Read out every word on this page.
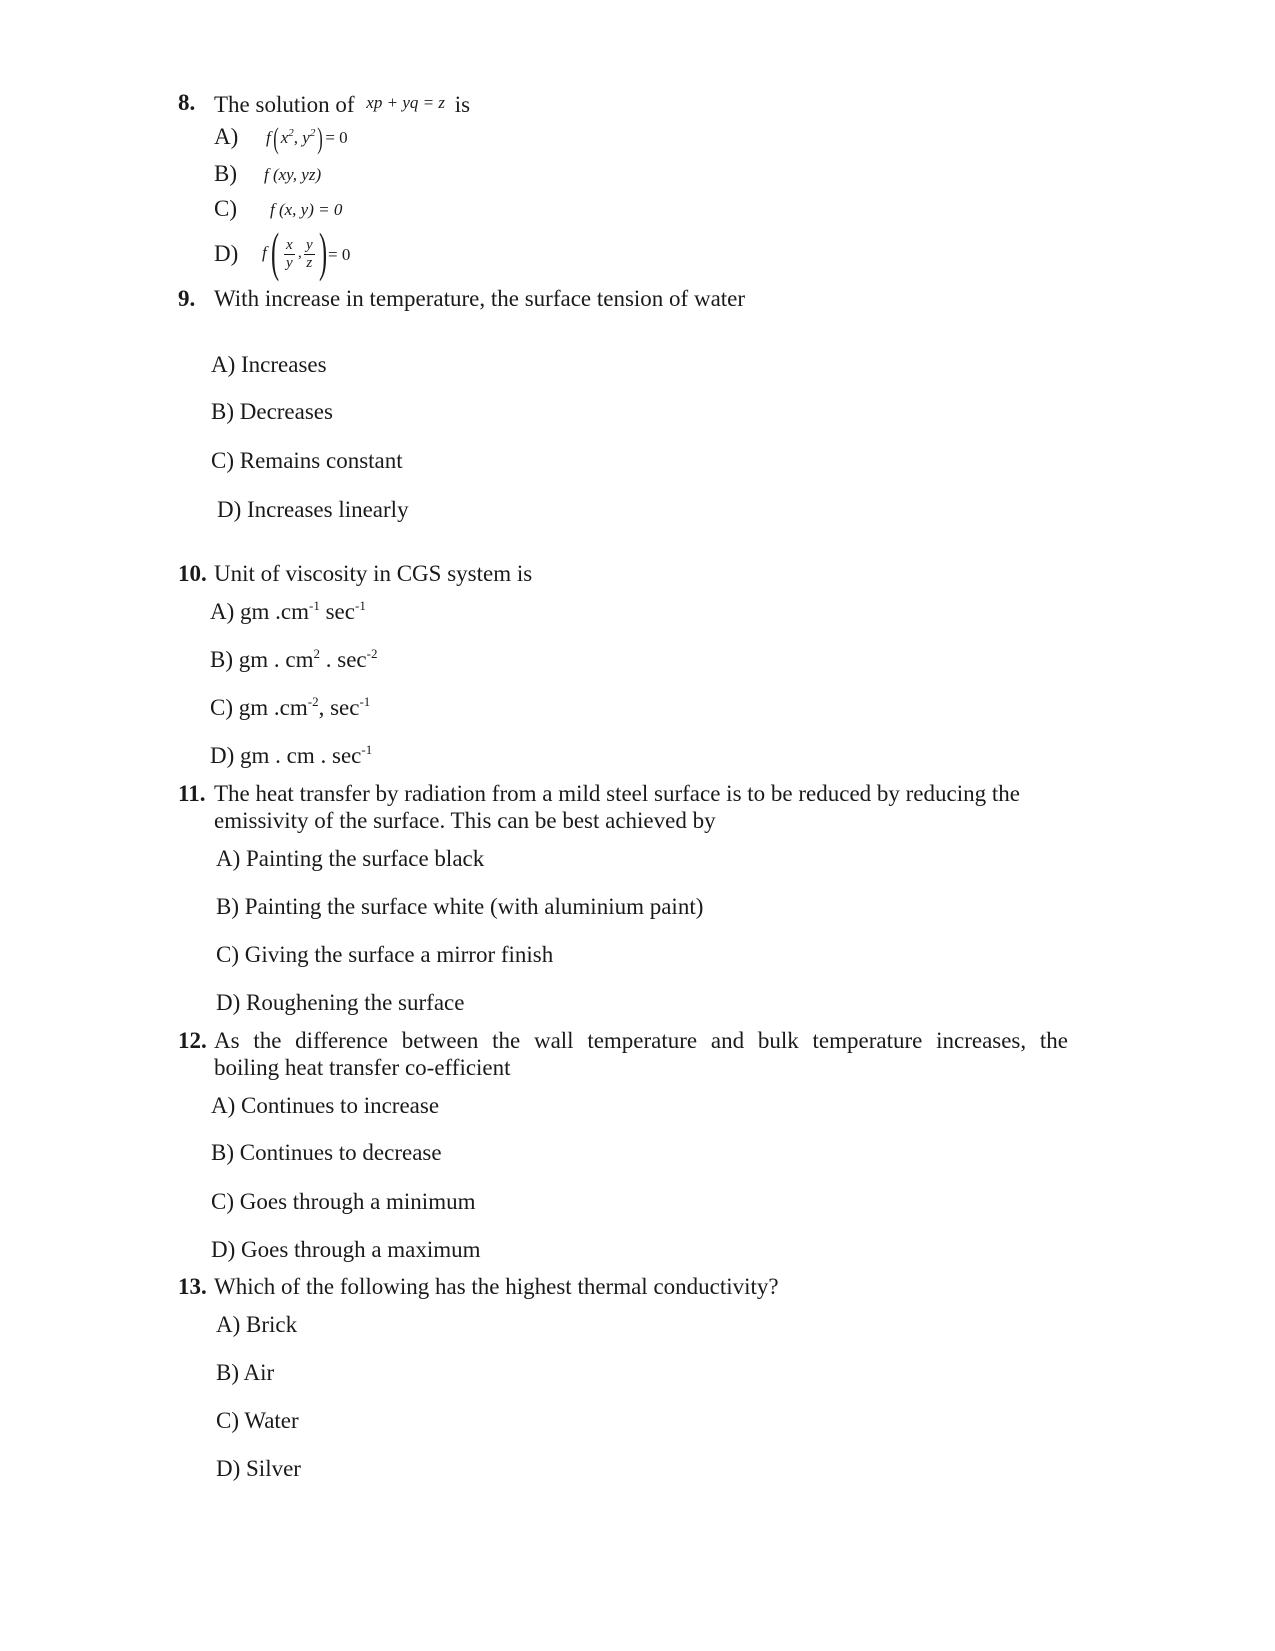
8. The solution of xp + yq = z is
A) f( $x^2$, $y^2) = 0$
B) f (xy, yz)
C) f (x, y) = 0
D) f ( $\frac{x}{y}$ , $\frac{y}{z}$ ) = 0
9. With increase in temperature, the surface tension of water
A) Increases
B) Decreases
C) Remains constant
D) Increases linearly
10. Unit of viscosity in CGS system is
A) gm $.cm^{-1}$ $\sec^{-1}$
B) gm . $cm^2$ . $\sec^{-2}$
C) gm $.cm^{-2}$, $\sec^{-1}$
D) gm . cm . $\sec^{-1}$
11. The heat transfer by radiation from a mild steel surface is to be reduced by reducing the
emissivity of the surface. This can be best achieved by
A) Painting the surface black
B) Painting the surface white (with aluminium paint)
C) Giving the surface a mirror finish
D) Roughening the surface
12. As the difference between the wall temperature and bulk temperature increases, the
boiling heat transfer co-efficient
A) Continues to increase
B) Continues to decrease
C) Goes through a minimum
D) Goes through a maximum
13. Which of the following has the highest thermal conductivity?
A) Brick
B) Air
C) Water
D) Silver
